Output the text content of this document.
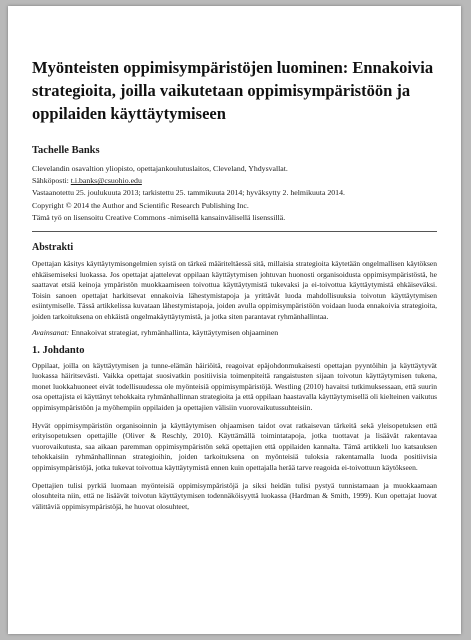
Myönteisten oppimisympäristöjen luominen: Ennakoivia strategioita, joilla vaikutetaan oppimisympäristöön ja oppilaiden käyttäytymiseen

Tachelle Banks

Clevelandin osavaltion yliopisto, opettajankoulutuslaitos, Cleveland, Yhdysvallat.

Sähköposti: t.i.banks@csuohio.edu

Vastaanotettu 25. joulukuuta 2013; tarkistettu 25. tammikuuta 2014; hyväksytty 2. helmikuuta 2014.

Copyright © 2014 the Author and Scientific Research Publishing Inc.

Tämä työ on lisensoitu Creative Commons -nimisellä kansainvälisellä lisenssillä.

Abstrakti

Opettajan käsitys käyttäytymisongelmien syistä on tärkeä määriteltäessä sitä, millaisia strategioita käytetään ongelmallisen käytöksen ehkäisemiseksi luokassa. Jos opettajat ajattelevat oppilaan käyttäytymisen johtuvan huonosti organisoidusta oppimisympäristöstä, he saattavat etsiä keinoja ympäristön muokkaamiseen toivottua käyttäytymistä tukevaksi ja ei-toivottua käyttäytymistä ehkäiseväksi. Toisin sanoen opettajat harkitsevat ennakoivia lähestymistapoja ja yrittävät luoda mahdollisuuksia toivotun käyttäytymisen esiintymiselle. Tässä artikkelissa kuvataan lähestymistapoja, joiden avulla oppimisympäristöön voidaan luoda ennakoivia strategioita, joiden tarkoituksena on ehkäistä ongelmakäyttäytymistä, ja jotka siten parantavat ryhmänhallintaa.

Avainsanat: Ennakoivat strategiat, ryhmänhallinta, käyttäytymisen ohjaaminen

1. Johdanto

Oppilaat, joilla on käyttäytymisen ja tunne-elämän häiriöitä, reagoivat epäjohdonmukaisesti opettajan pyyntöihin ja käyttäytyvät luokassa häiritsevästi. Vaikka opettajat suosivatkin positiivisia toimenpiteitä rangaistusten sijaan toivotun käyttäytymisen tukena, monet luokkahuoneet eivät todellisuudessa ole myönteisiä oppimisympäristöjä. Westling (2010) havaitsi tutkimuksessaan, että suurin osa opettajista ei käyttänyt tehokkaita ryhmänhallinnan strategioita ja että oppilaan haastavalla käyttäytymisellä oli kielteinen vaikutus oppimisympäristöön ja myöhempiin oppilaiden ja opettajien välisiin vuorovaikutussuhteisiin.

Hyvät oppimisympäristön organisoinnin ja käyttäytymisen ohjaamisen taidot ovat ratkaisevan tärkeitä sekä yleisopetuksen että erityisopetuksen opettajille (Oliver & Reschly, 2010). Käyttämällä toimintatapoja, jotka tuottavat ja lisäävät rakentavaa vuorovaikutusta, saa aikaan paremman oppimisympäristön sekä opettajien että oppilaiden kannalta. Tämä artikkeli luo katsauksen tehokkaisiin ryhmänhallinnan strategioihin, joiden tarkoituksena on myönteisiä tuloksia rakentamalla luoda positiivisia oppimisympäristöjä, jotka tukevat toivottua käyttäytymistä ennen kuin opettajalla herää tarve reagoida ei-toivottuun käytökseen.

Opettajien tulisi pyrkiä luomaan myönteisiä oppimisympäristöjä ja siksi heidän tulisi pystyä tunnistamaan ja muokkaamaan olosuhteita niin, että ne lisäävät toivotun käyttäytymisen todennäköisyyttä luokassa (Hardman & Smith, 1999). Kun opettajat luovat välittäviä oppimisympäristöjä, he huovat olosuhteet,
